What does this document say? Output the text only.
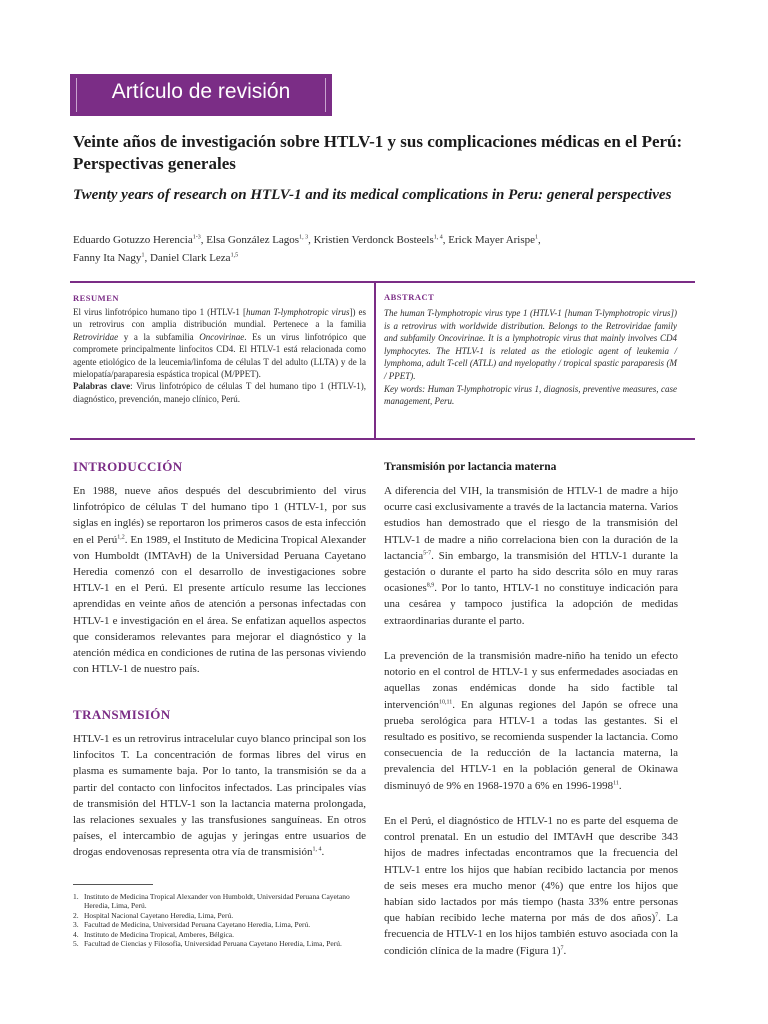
Artículo de revisión
Veinte años de investigación sobre HTLV-1 y sus complicaciones médicas en el Perú: Perspectivas generales
Twenty years of research on HTLV-1 and its medical complications in Peru: general perspectives
Eduardo Gotuzzo Herencia$^{1-3}$, Elsa González Lagos$^{1, 3}$, Kristien Verdonck Bosteels$^{1, 4}$, Erick Mayer Arispe$^1$,
Fanny Ita Nagy$^1$, Daniel Clark Leza$^{1,5}$
RESUMEN
El virus linfotrópico humano tipo 1 (HTLV-1 [human T-lymphotropic virus]) es un retrovirus con amplia distribución mundial. Pertenece a la familia Retroviridae y a la subfamilia Oncovirinae. Es un virus linfotrópico que compromete principalmente linfocitos CD4. El HTLV-1 está relacionada como agente etiológico de la leucemia/linfoma de células T del adulto (LLTA) y de la mielopatía/paraparesia espástica tropical (M/PPET).
Palabras clave: Virus linfotrópico de células T del humano tipo 1 (HTLV-1), diagnóstico, prevención, manejo clínico, Perú.
ABSTRACT
The human T-lymphotropic virus type 1 (HTLV-1 [human T-lymphotropic virus]) is a retrovirus with worldwide distribution. Belongs to the Retroviridae family and subfamily Oncovirinae. It is a lymphotropic virus that mainly involves CD4 lymphocytes. The HTLV-1 is related as the etiologic agent of leukemia / lymphoma, adult T-cell (ATLL) and myelopathy / tropical spastic paraparesis (M / PPET).
Key words: Human T-lymphotropic virus 1, diagnosis, preventive measures, case management, Peru.
INTRODUCCIÓN
En 1988, nueve años después del descubrimiento del virus linfotrópico de células T del humano tipo 1 (HTLV-1, por sus siglas en inglés) se reportaron los primeros casos de esta infección en el Perú$^{1,2}$. En 1989, el Instituto de Medicina Tropical Alexander von Humboldt (IMTAvH) de la Universidad Peruana Cayetano Heredia comenzó con el desarrollo de investigaciones sobre HTLV-1 en el Perú. El presente artículo resume las lecciones aprendidas en veinte años de atención a personas infectadas con HTLV-1 e investigación en el área. Se enfatizan aquellos aspectos que consideramos relevantes para mejorar el diagnóstico y la atención médica en condiciones de rutina de las personas viviendo con HTLV-1 de nuestro país.
TRANSMISIÓN
HTLV-1 es un retrovirus intracelular cuyo blanco principal son los linfocitos T. La concentración de formas libres del virus en plasma es sumamente baja. Por lo tanto, la transmisión se da a partir del contacto con linfocitos infectados. Las principales vías de transmisión del HTLV-1 son la lactancia materna prolongada, las relaciones sexuales y las transfusiones sanguíneas. En otros países, el intercambio de agujas y jeringas entre usuarios de drogas endovenosas representa otra vía de transmisión$^{1, 4}$.
1. Instituto de Medicina Tropical Alexander von Humboldt, Universidad Peruana Cayetano Heredia, Lima, Perú.
2. Hospital Nacional Cayetano Heredia, Lima, Perú.
3. Facultad de Medicina, Universidad Peruana Cayetano Heredia, Lima, Perú.
4. Instituto de Medicina Tropical, Amberes, Bélgica.
5. Facultad de Ciencias y Filosofía, Universidad Peruana Cayetano Heredia, Lima, Perú.
Transmisión por lactancia materna
A diferencia del VIH, la transmisión de HTLV-1 de madre a hijo ocurre casi exclusivamente a través de la lactancia materna. Varios estudios han demostrado que el riesgo de la transmisión del HTLV-1 de madre a niño correlaciona bien con la duración de la lactancia$^{5-7}$. Sin embargo, la transmisión del HTLV-1 durante la gestación o durante el parto ha sido descrita sólo en muy raras ocasiones$^{8,9}$. Por lo tanto, HTLV-1 no constituye indicación para una cesárea y tampoco justifica la adopción de medidas extraordinarias durante el parto.
La prevención de la transmisión madre-niño ha tenido un efecto notorio en el control de HTLV-1 y sus enfermedades asociadas en aquellas zonas endémicas donde ha sido factible tal intervención$^{10,11}$. En algunas regiones del Japón se ofrece una prueba serológica para HTLV-1 a todas las gestantes. Si el resultado es positivo, se recomienda suspender la lactancia. Como consecuencia de la reducción de la lactancia materna, la prevalencia del HTLV-1 en la población general de Okinawa disminuyó de 9% en 1968-1970 a 6% en 1996-1998$^{11}$.
En el Perú, el diagnóstico de HTLV-1 no es parte del esquema de control prenatal. En un estudio del IMTAvH que describe 343 hijos de madres infectadas encontramos que la frecuencia del HTLV-1 entre los hijos que habían recibido lactancia por menos de seis meses era mucho menor (4%) que entre los hijos que habían sido lactados por más tiempo (hasta 33% entre personas que habían recibido leche materna por más de dos años)$^7$. La frecuencia de HTLV-1 en los hijos también estuvo asociada con la condición clínica de la madre (Figura 1)$^7$.
